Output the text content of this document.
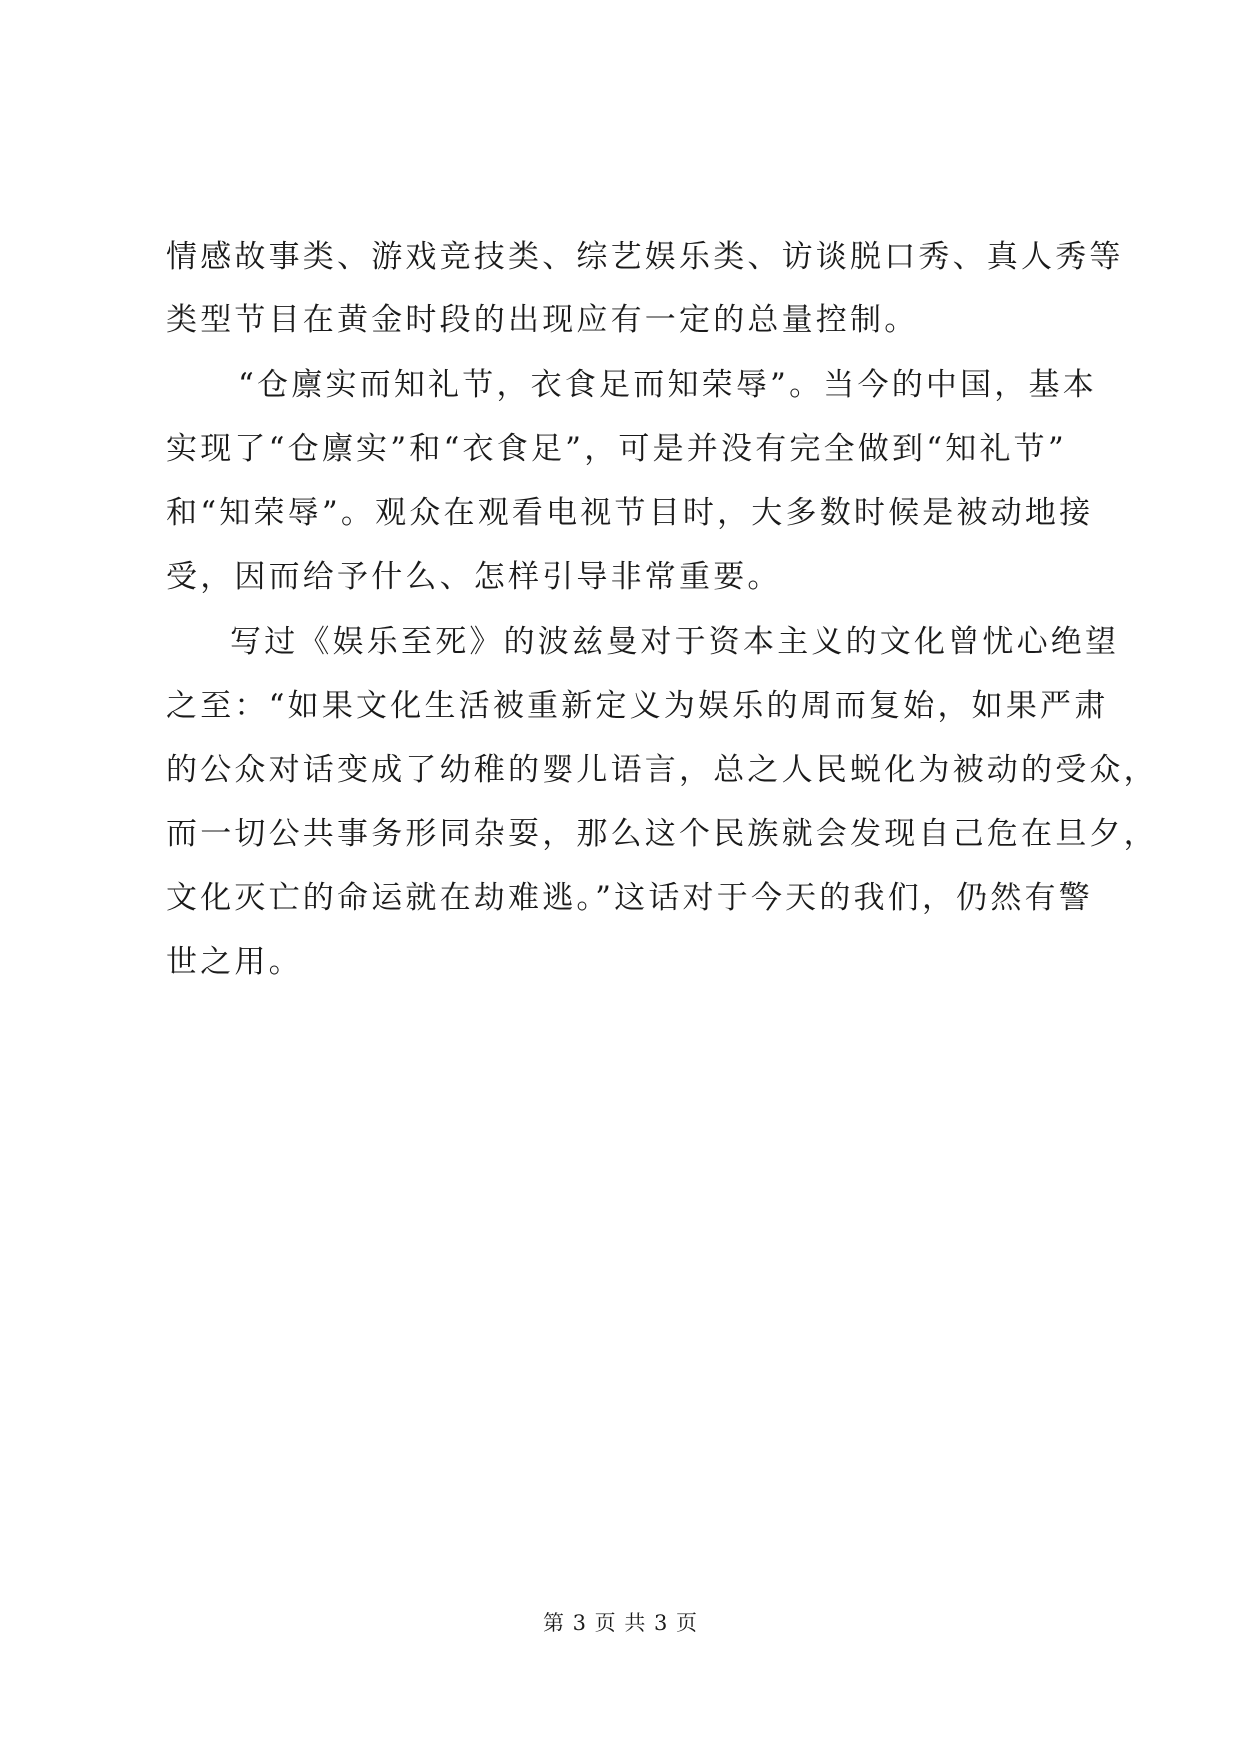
情感故事类、游戏竞技类、综艺娱乐类、访谈脱口秀、真人秀等
类型节目在黄金时段的出现应有一定的总量控制。
“仓廪实而知礼节，衣食足而知荣辱”。当今的中国，基本
实现了“仓廪实”和“衣食足”，可是并没有完全做到“知礼节”
和“知荣辱”。观众在观看电视节目时，大多数时候是被动地接
受，因而给予什么、怎样引导非常重要。
写过《娱乐至死》的波兹曼对于资本主义的文化曾忧心绝望
之至：“如果文化生活被重新定义为娱乐的周而复始，如果严肃
的公众对话变成了幼稚的婴儿语言，总之人民蜕化为被动的受众，
而一切公共事务形同杂耍，那么这个民族就会发现自己危在旦夕，
文化灭亡的命运就在劫难逃。”这话对于今天的我们，仍然有警
世之用。
第 3 页 共 3 页
